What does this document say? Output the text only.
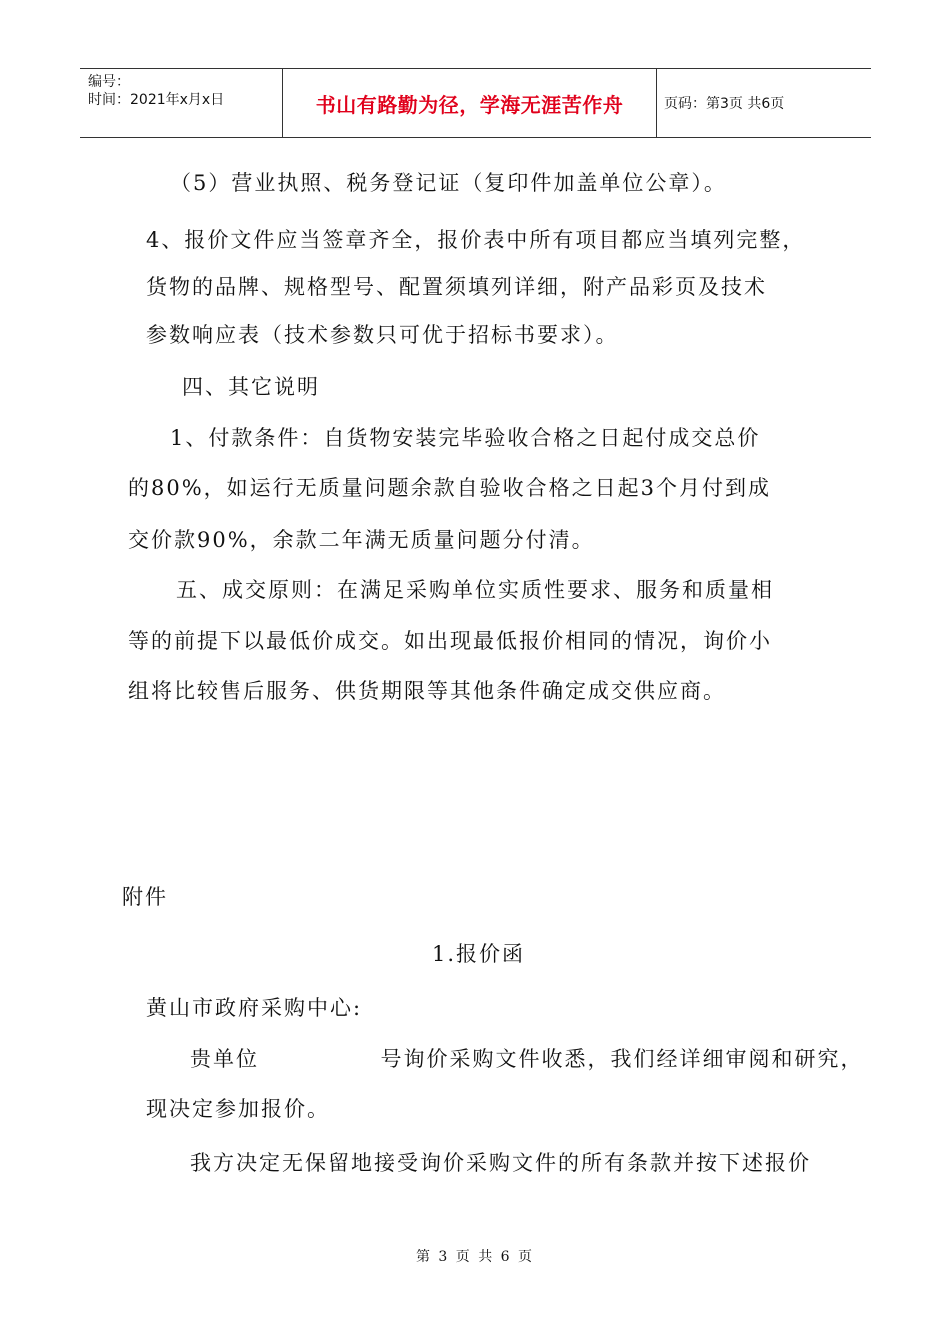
编号：
时间：2021年x月x日	书山有路勤为径，学海无涯苦作舟	页码：第3页 共6页
（5）营业执照、税务登记证（复印件加盖单位公章）。
4、报价文件应当签章齐全，报价表中所有项目都应当填列完整，
货物的品牌、规格型号、配置须填列详细，附产品彩页及技术
参数响应表（技术参数只可优于招标书要求）。
四、其它说明
1、付款条件：自货物安装完毕验收合格之日起付成交总价
的80%，如运行无质量问题余款自验收合格之日起3个月付到成
交价款90%，余款二年满无质量问题分付清。
五、成交原则：在满足采购单位实质性要求、服务和质量相
等的前提下以最低价成交。如出现最低报价相同的情况，询价小
组将比较售后服务、供货期限等其他条件确定成交供应商。
附件
1.报价函
黄山市政府采购中心:
贵单位              号询价采购文件收悉，我们经详细审阅和研究，
现决定参加报价。
我方决定无保留地接受询价采购文件的所有条款并按下述报价
第 3 页 共 6 页
